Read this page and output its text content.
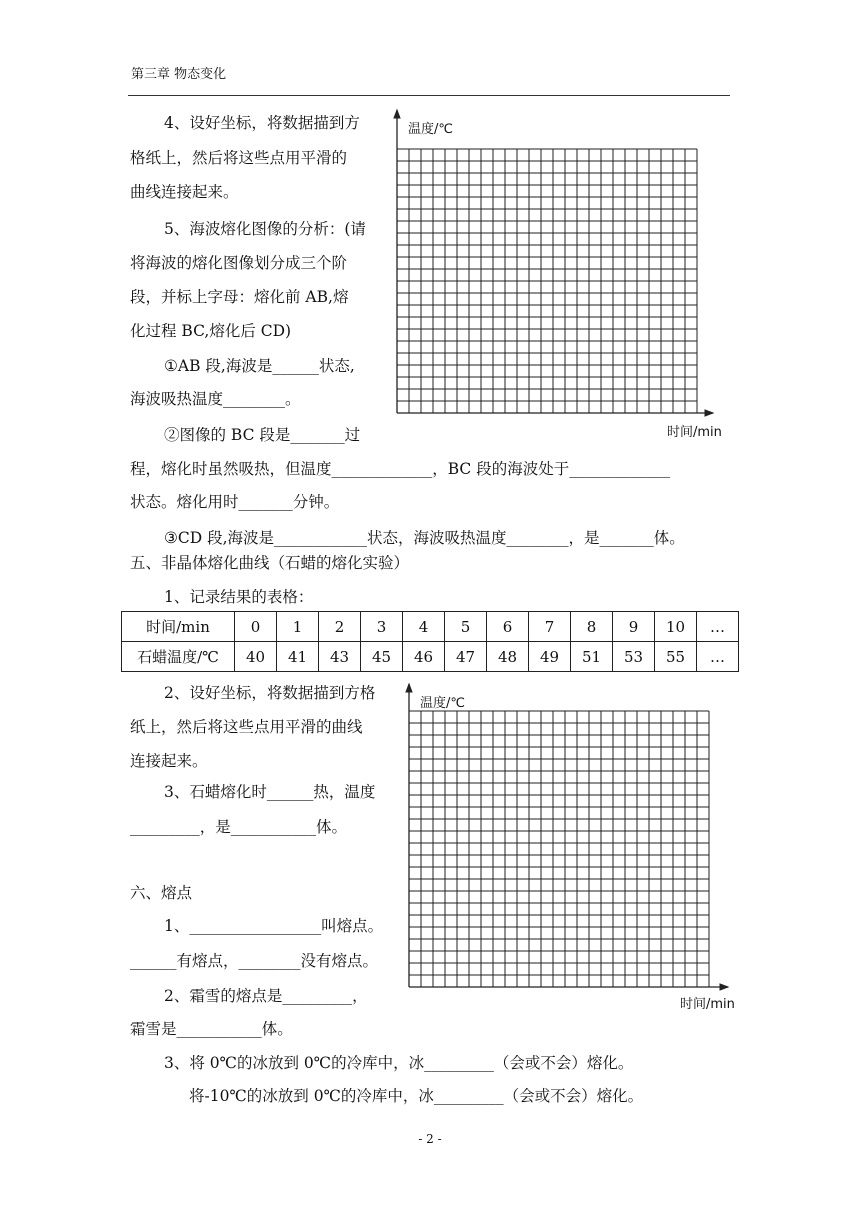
第三章 物态变化
4、设好坐标，将数据描到方
格纸上，然后将这些点用平滑的
曲线连接起来。
5、海波熔化图像的分析：(请
将海波的熔化图像划分成三个阶
段，并标上字母：熔化前 AB,熔
化过程 BC,熔化后 CD)
①AB 段,海波是______状态,
海波吸热温度________。
②图像的 BC 段是_______过
程，熔化时虽然吸热，但温度_____________，BC 段的海波处于_____________
状态。熔化用时_______分钟。
③CD 段,海波是____________状态，海波吸热温度________，是_______体。
温度/℃
时间/min
五、非晶体熔化曲线（石蜡的熔化实验）
1、记录结果的表格：
时间/min	0	1	2	3	4	5	6	7	8	9	10	…
石蜡温度/℃	40	41	43	45	46	47	48	49	51	53	55	…
2、设好坐标，将数据描到方格
纸上，然后将这些点用平滑的曲线
连接起来。
3、石蜡熔化时______热，温度
_________，是___________体。
温度/℃
时间/min
六、熔点
1、_________________叫熔点。
______有熔点，________没有熔点。
2、霜雪的熔点是_________，
霜雪是___________体。
3、将 0℃的冰放到 0℃的冷库中，冰_________（会或不会）熔化。
将-10℃的冰放到 0℃的冷库中，冰_________（会或不会）熔化。
- 2 -
